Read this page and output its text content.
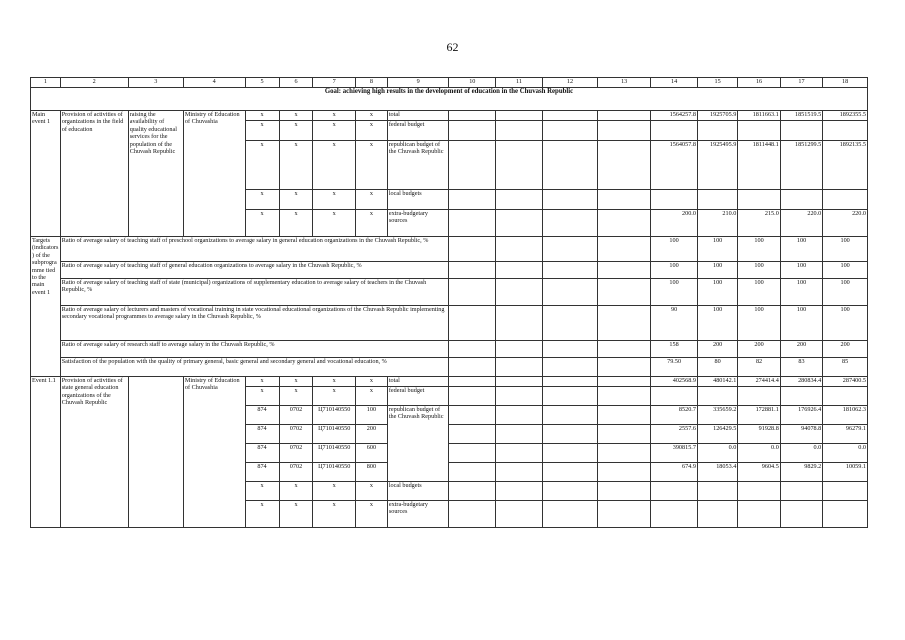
62
1	2	3	4	5	6	7	8	9	10	11	12	13	14	15	16	17	18
Goal: achieving high results in the development of education in the Chuvash Republic																	
Main event 1	Provision of activities of organizations in the field of education	raising the availability of quality educational services for the population of the Chuvash Republic	Ministry of Education of Chuvashia	x	x	x	x	total					1564257.8	1925705.9	1811663.1	1851519.5	1892355.5
				x	x	x	x	federal budget									
				x	x	x	x	republican budget of the Chuvash Republic					1564057.8	1925495.9	1811448.1	1851299.5	1892135.5
				x	x	x	x	local budgets									
				x	x	x	x	extra-budgetary sources					200.0	210.0	215.0	220.0	220.0
Targets (indicators) of the subprogramme tied to the main event 1	Ratio of average salary of teaching staff of preschool organizations to average salary in general education organizations in the Chuvash Republic, %												100	100	100	100	100
	Ratio of average salary of teaching staff of general education organizations to average salary in the Chuvash Republic, %												100	100	100	100	100
	Ratio of average salary of teaching staff of state (municipal) organizations of supplementary education to average salary of teachers in the Chuvash Republic, %												100	100	100	100	100
	Ratio of average salary of lecturers and masters of vocational training in state vocational educational organizations of the Chuvash Republic implementing secondary vocational programmes to average salary in the Chuvash Republic, %												90	100	100	100	100
	Ratio of average salary of research staff to average salary in the Chuvash Republic, %												158	200	200	200	200
	Satisfaction of the population with the quality of primary general, basic general and secondary general and vocational education, %												79.50	80	82	83	85
Event 1.1	Provision of activities of state general education organizations of the Chuvash Republic		Ministry of Education of Chuvashia	x	x	x	x	total					402568.9	480142.1	274414.4	280834.4	287400.5
				x	x	x	x	federal budget									
				874	0702	Ц710140550	100	republican budget of the Chuvash Republic					8520.7	335659.2	172881.1	176926.4	181062.3
				874	0702	Ц710140550	200						2557.6	126429.5	91928.8	94078.8	96279.1
				874	0702	Ц710140550	600						390815.7	0.0	0.0	0.0	0.0
				874	0702	Ц710140550	800						674.9	18053.4	9604.5	9829.2	10059.1
				x	x	x	x	local budgets									
				x	x	x	x	extra-budgetary sources									
